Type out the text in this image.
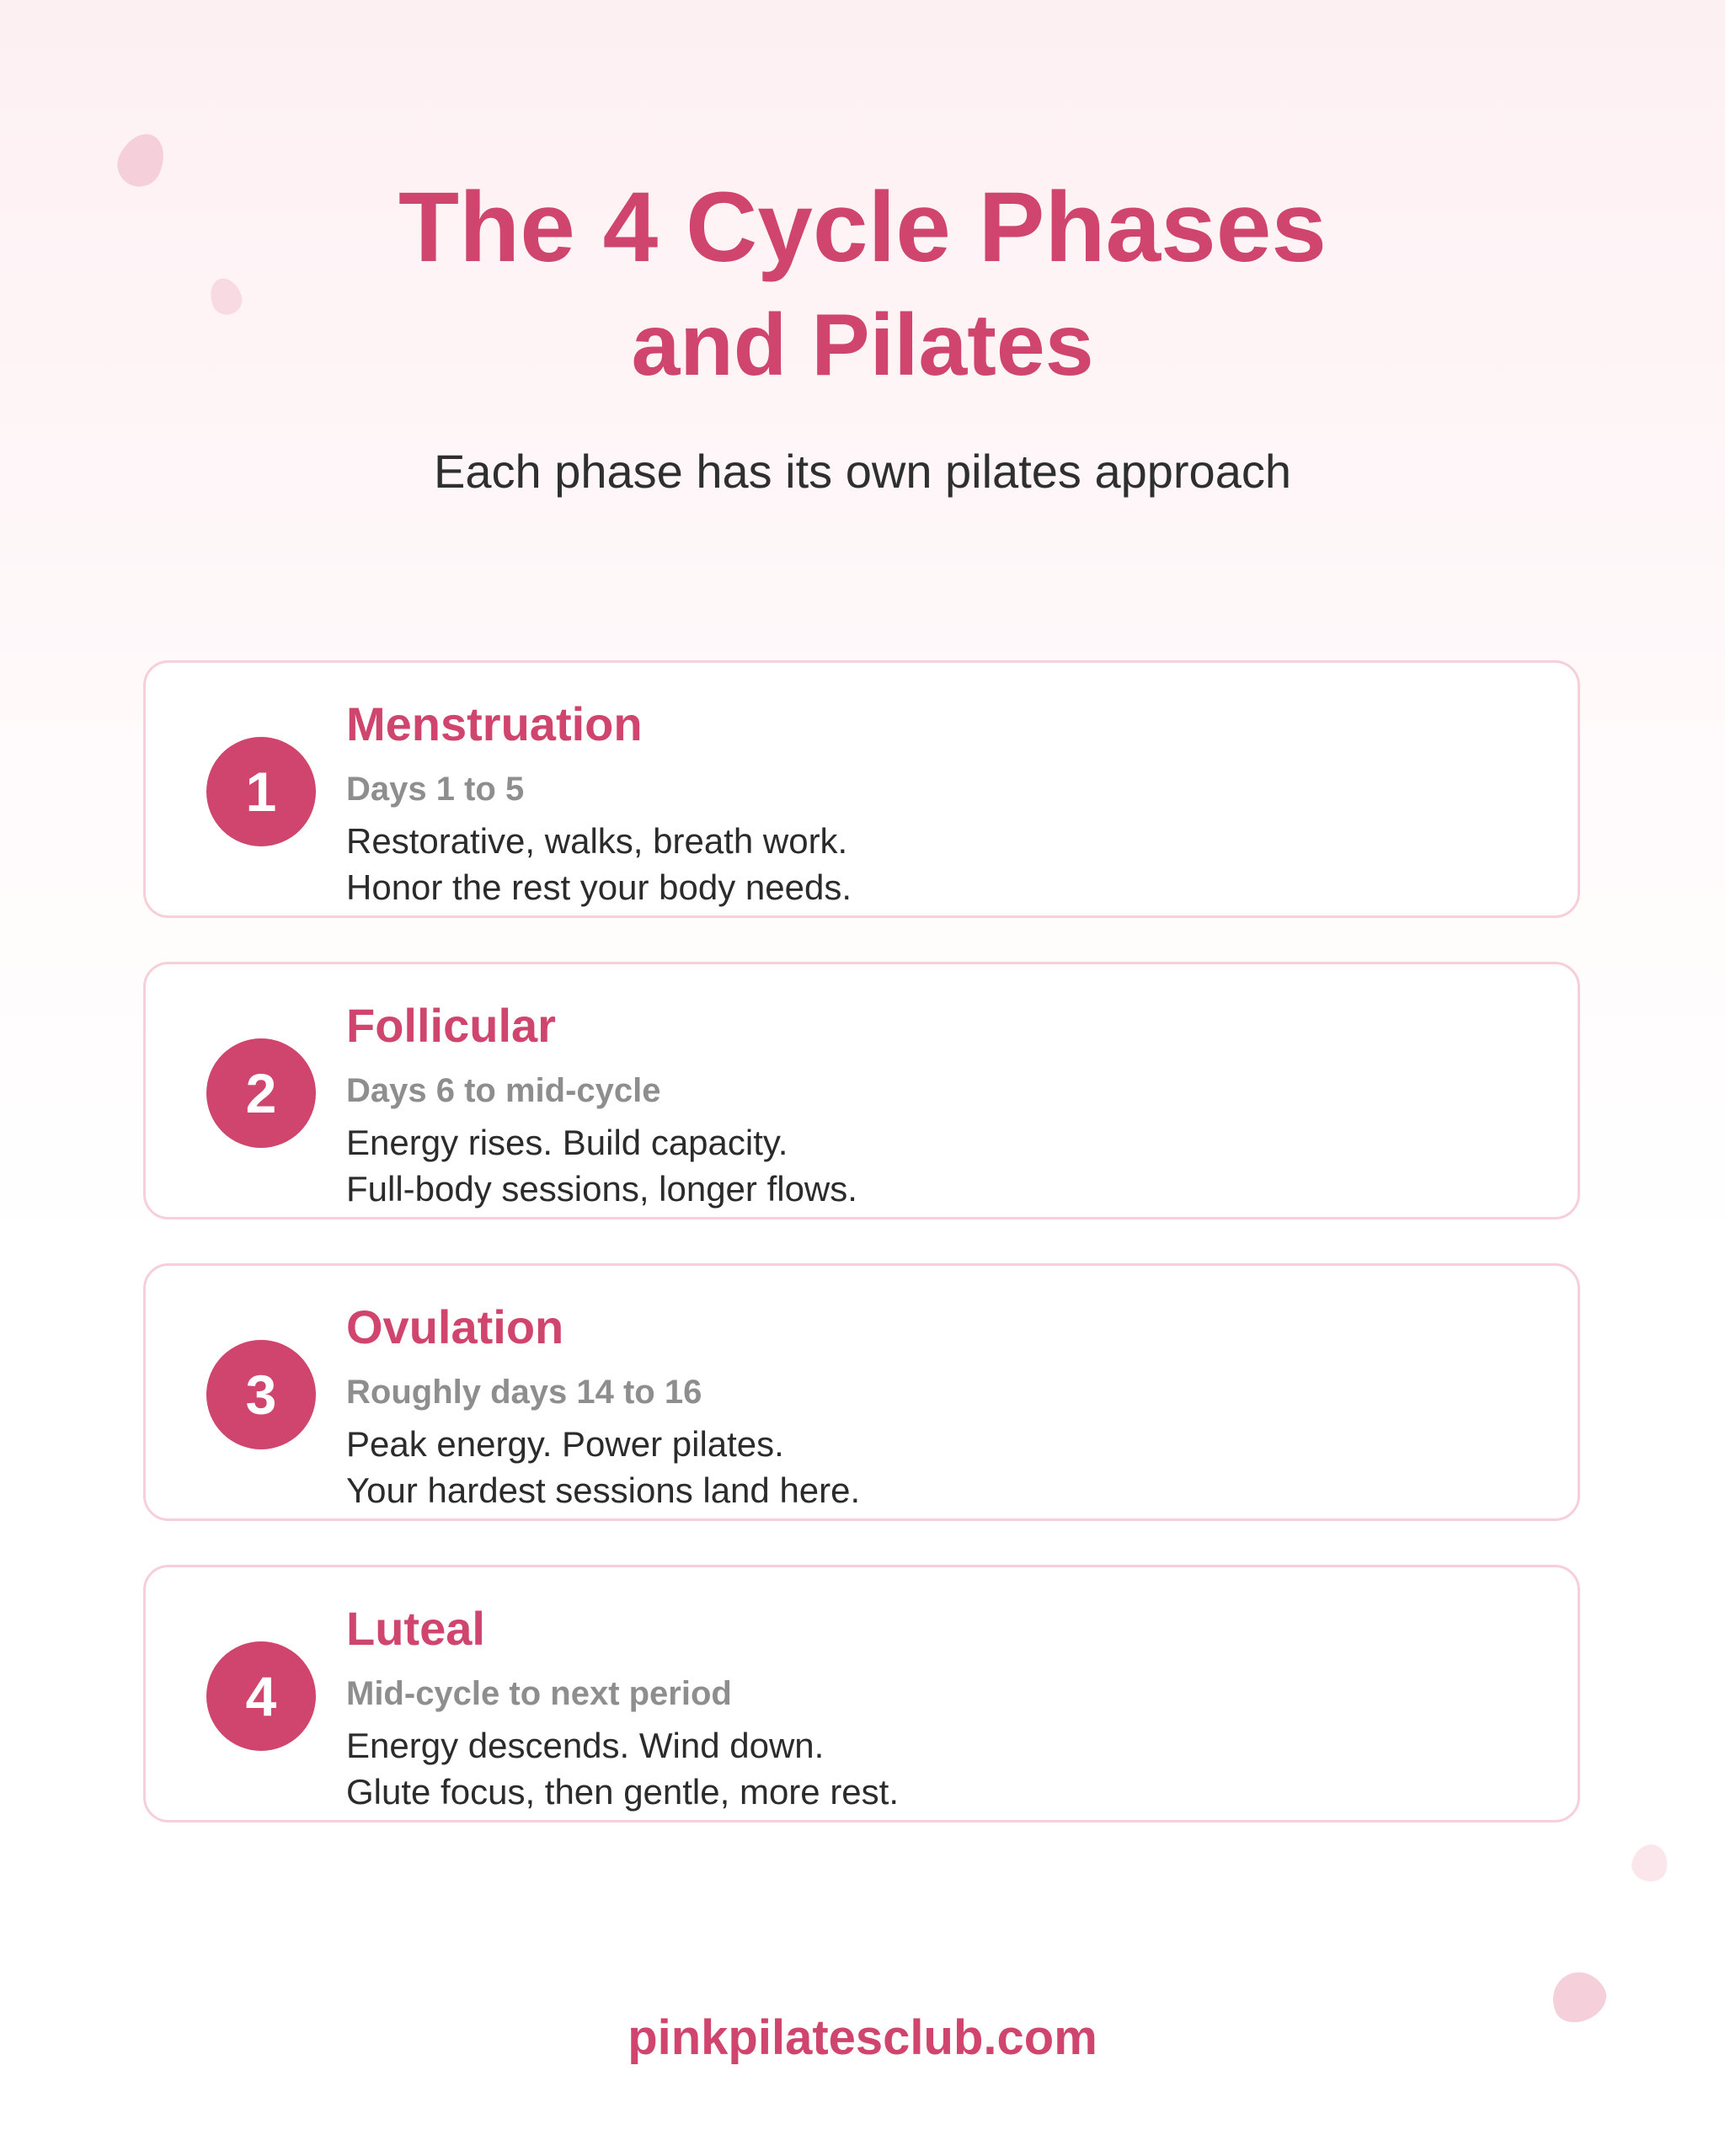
The 4 Cycle Phases
and Pilates
Each phase has its own pilates approach
1
Menstruation
Days 1 to 5
Restorative, walks, breath work.
Honor the rest your body needs.
2
Follicular
Days 6 to mid-cycle
Energy rises. Build capacity.
Full-body sessions, longer flows.
3
Ovulation
Roughly days 14 to 16
Peak energy. Power pilates.
Your hardest sessions land here.
4
Luteal
Mid-cycle to next period
Energy descends. Wind down.
Glute focus, then gentle, more rest.
pinkpilatesclub.com
